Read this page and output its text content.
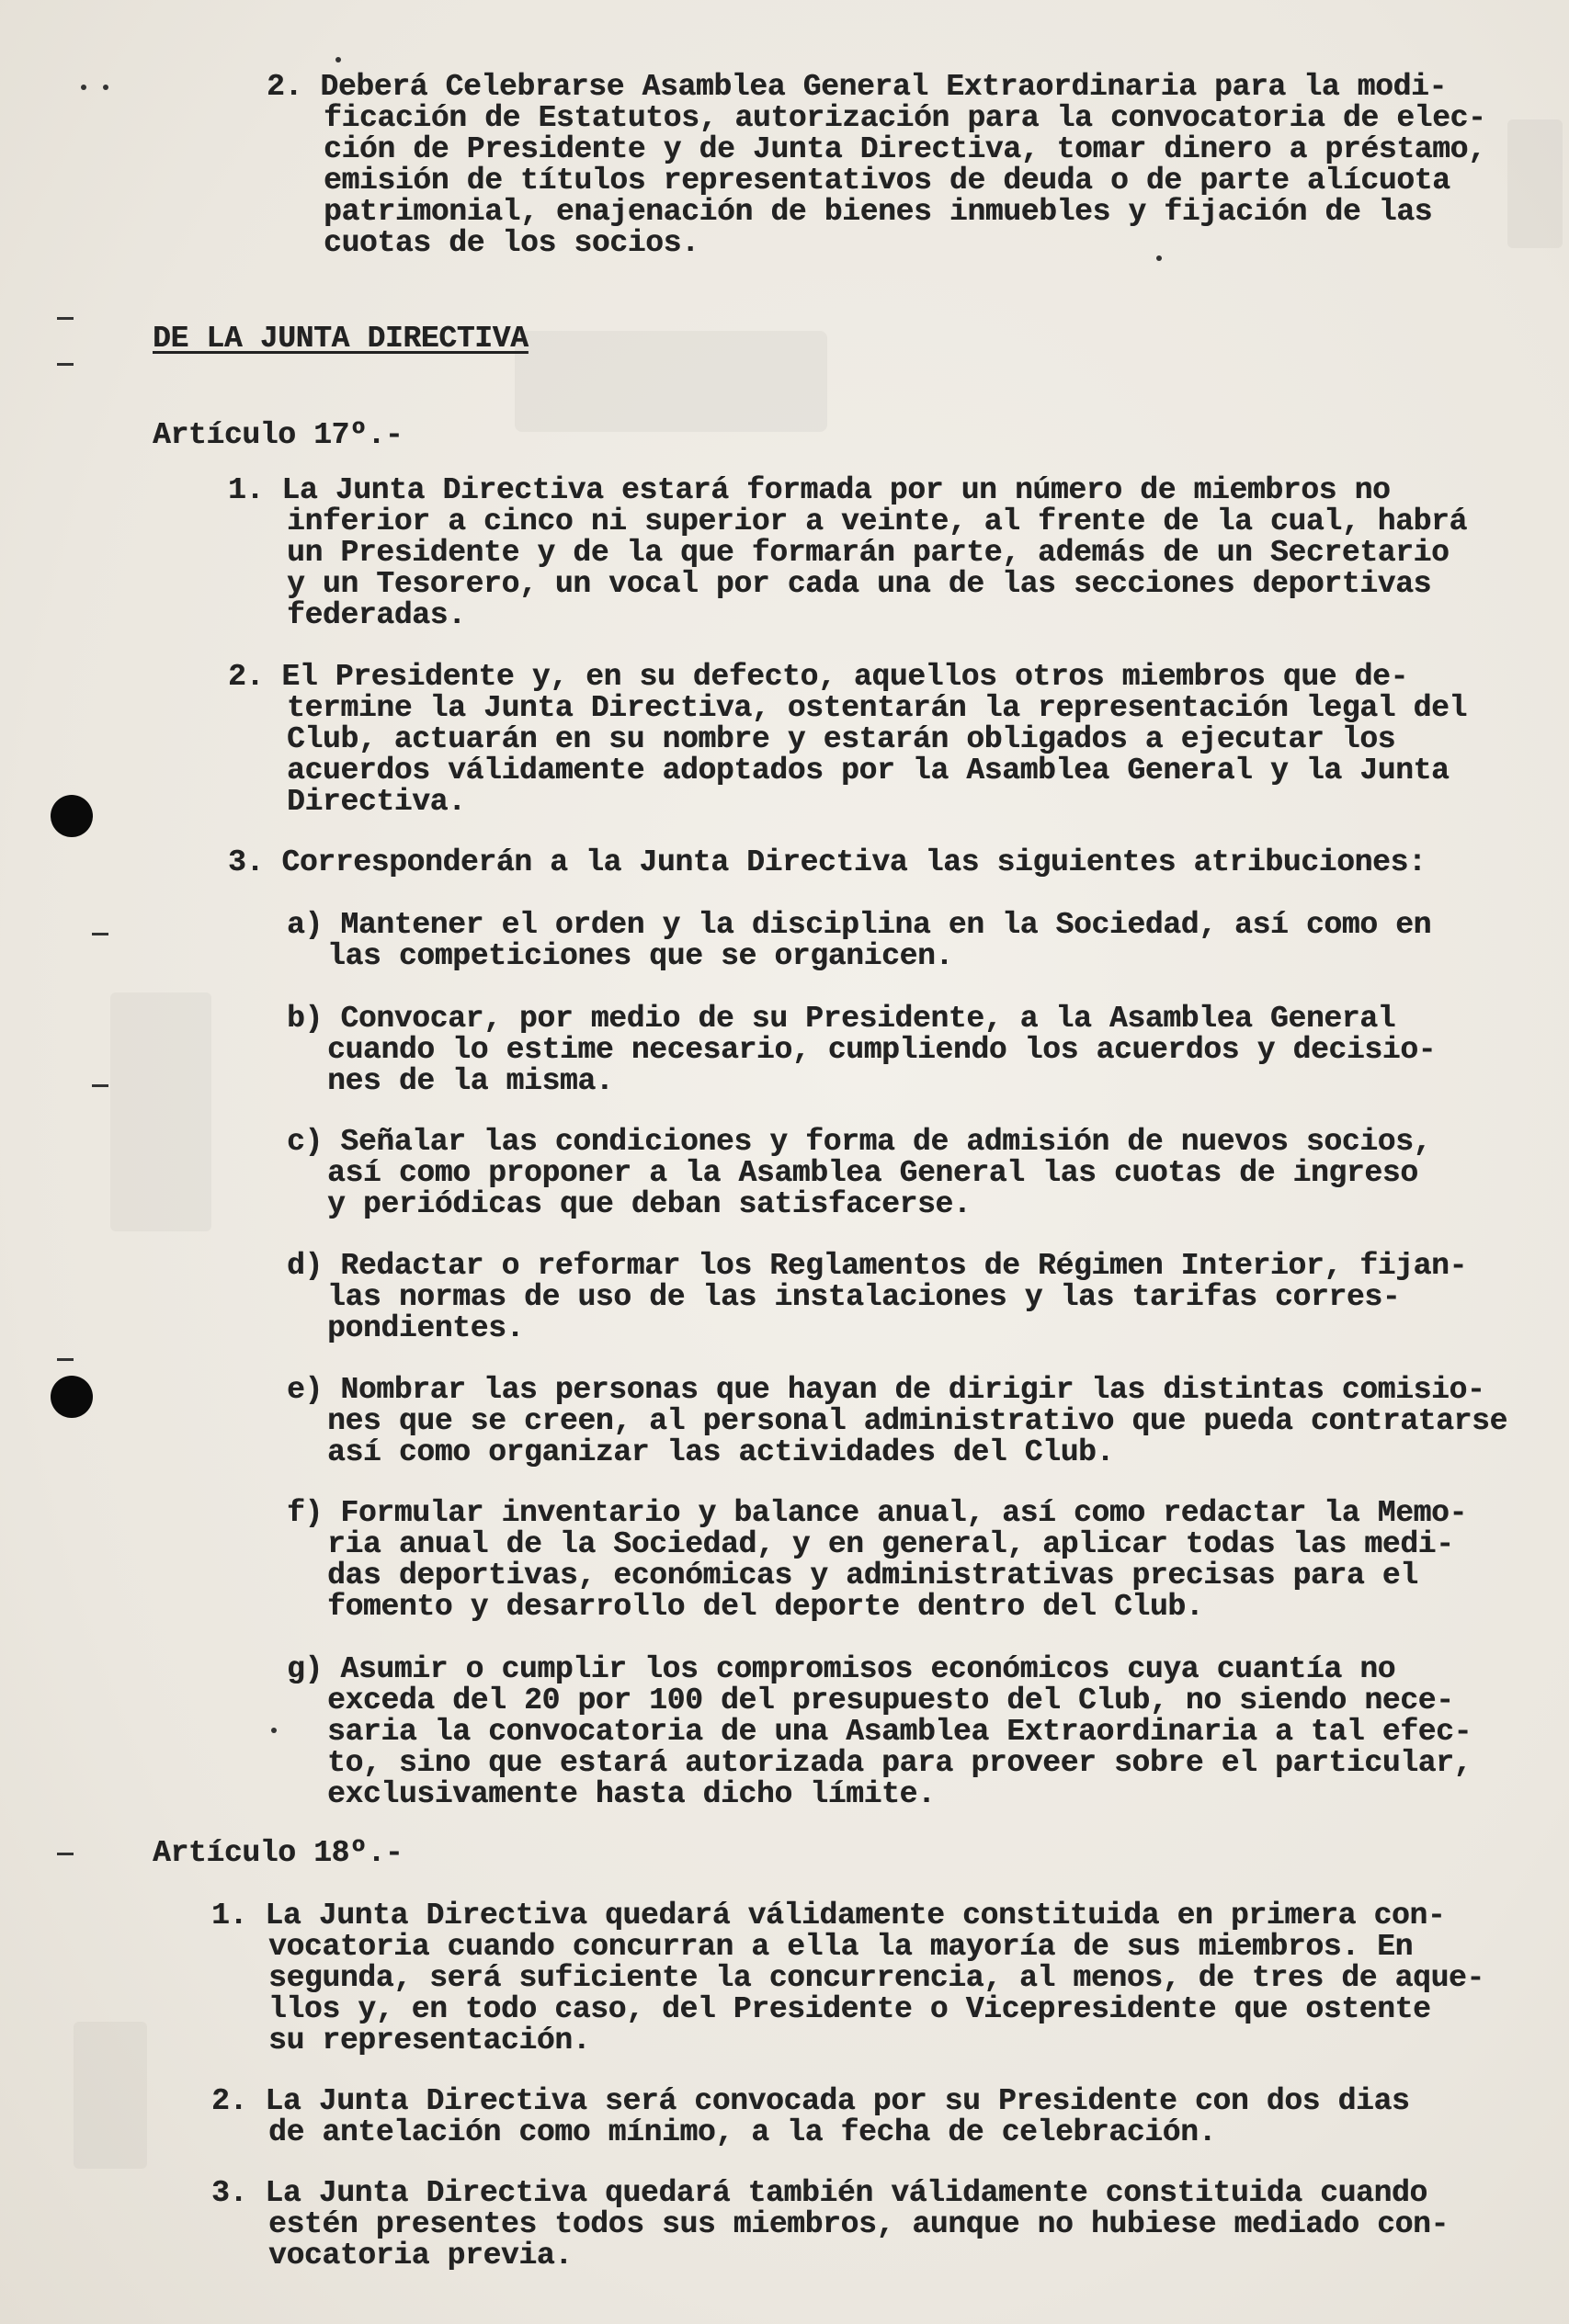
2. Deberá Celebrarse Asamblea General Extraordinaria para la modi-
ficación de Estatutos, autorización para la convocatoria de elec-
ción de Presidente y de Junta Directiva, tomar dinero a préstamo,
emisión de títulos representativos de deuda o de parte alícuota
patrimonial, enajenación de bienes inmuebles y fijación de las
cuotas de los socios.
DE LA JUNTA DIRECTIVA
Artículo 17º.-
1. La Junta Directiva estará formada por un número de miembros no
inferior a cinco ni superior a veinte, al frente de la cual, habrá
un Presidente y de la que formarán parte, además de un Secretario
y un Tesorero, un vocal por cada una de las secciones deportivas
federadas.
2. El Presidente y, en su defecto, aquellos otros miembros que de-
termine la Junta Directiva, ostentarán la representación legal del
Club, actuarán en su nombre y estarán obligados a ejecutar los
acuerdos válidamente adoptados por la Asamblea General y la Junta
Directiva.
3. Corresponderán a la Junta Directiva las siguientes atribuciones:
a) Mantener el orden y la disciplina en la Sociedad, así como en
las competiciones que se organicen.
b) Convocar, por medio de su Presidente, a la Asamblea General
cuando lo estime necesario, cumpliendo los acuerdos y decisio-
nes de la misma.
c) Señalar las condiciones y forma de admisión de nuevos socios,
así como proponer a la Asamblea General las cuotas de ingreso
y periódicas que deban satisfacerse.
d) Redactar o reformar los Reglamentos de Régimen Interior, fijan-
las normas de uso de las instalaciones y las tarifas corres-
pondientes.
e) Nombrar las personas que hayan de dirigir las distintas comisio-
nes que se creen, al personal administrativo que pueda contratarse
así como organizar las actividades del Club.
f) Formular inventario y balance anual, así como redactar la Memo-
ria anual de la Sociedad, y en general, aplicar todas las medi-
das deportivas, económicas y administrativas precisas para el
fomento y desarrollo del deporte dentro del Club.
g) Asumir o cumplir los compromisos económicos cuya cuantía no
exceda del 20 por 100 del presupuesto del Club, no siendo nece-
saria la convocatoria de una Asamblea Extraordinaria a tal efec-
to, sino que estará autorizada para proveer sobre el particular,
exclusivamente hasta dicho límite.
Artículo 18º.-
1. La Junta Directiva quedará válidamente constituida en primera con-
vocatoria cuando concurran a ella la mayoría de sus miembros. En
segunda, será suficiente la concurrencia, al menos, de tres de aque-
llos y, en todo caso, del Presidente o Vicepresidente que ostente
su representación.
2. La Junta Directiva será convocada por su Presidente con dos dias
de antelación como mínimo, a la fecha de celebración.
3. La Junta Directiva quedará también válidamente constituida cuando
estén presentes todos sus miembros, aunque no hubiese mediado con-
vocatoria previa.
